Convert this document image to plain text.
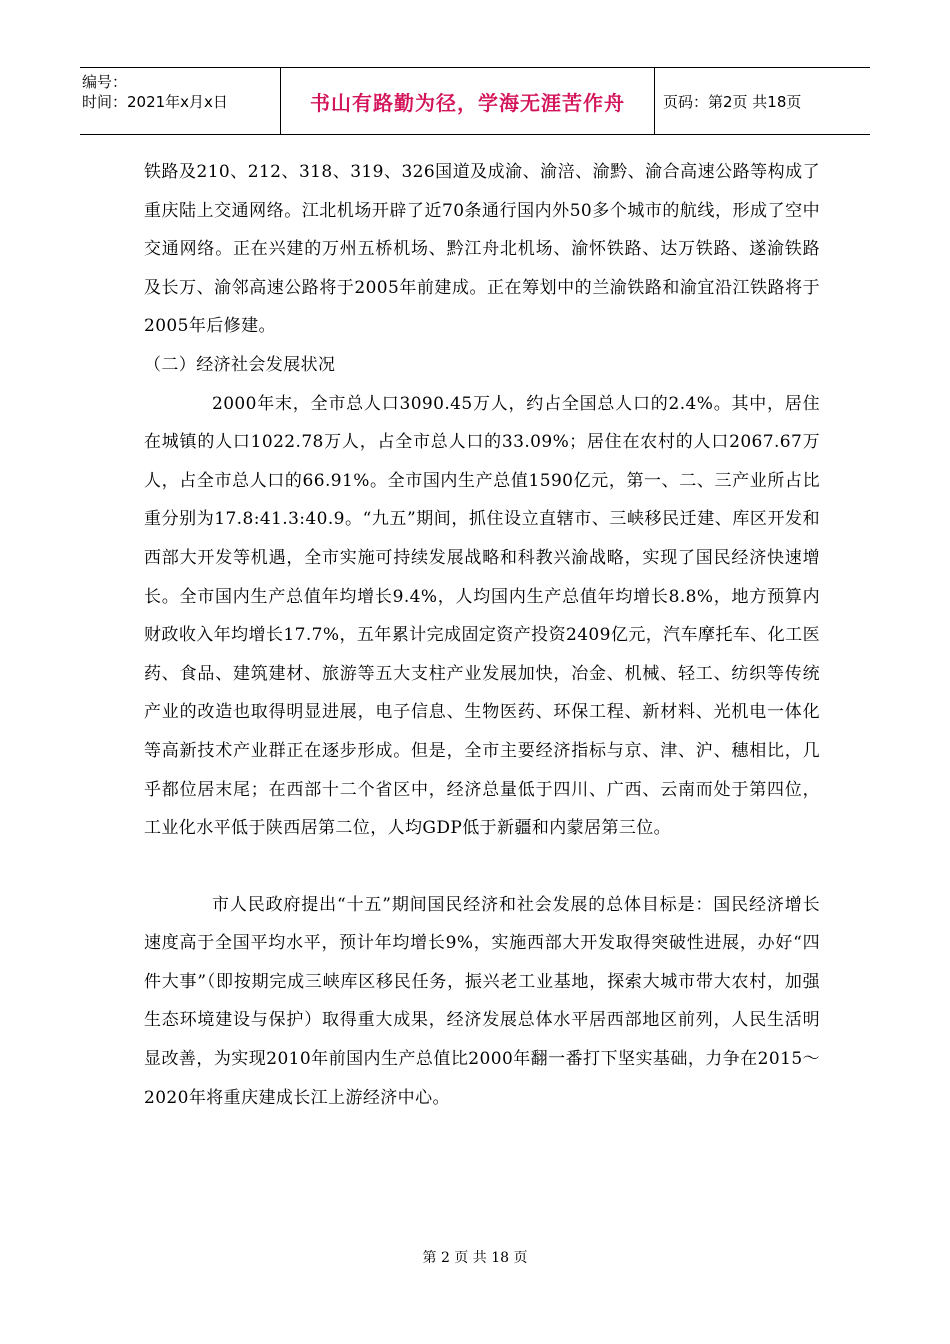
编号：
时间：2021年x月x日	书山有路勤为径，学海无涯苦作舟	页码：第2页 共18页

铁路及210、212、318、319、326国道及成渝、渝涪、渝黔、渝合高速公路等构成了重庆陆上交通网络。江北机场开辟了近70条通行国内外50多个城市的航线，形成了空中交通网络。正在兴建的万州五桥机场、黔江舟北机场、渝怀铁路、达万铁路、遂渝铁路及长万、渝邻高速公路将于2005年前建成。正在筹划中的兰渝铁路和渝宜沿江铁路将于2005年后修建。

（二）经济社会发展状况

2000年末，全市总人口3090.45万人，约占全国总人口的2.4%。其中，居住在城镇的人口1022.78万人，占全市总人口的33.09%；居住在农村的人口2067.67万人，占全市总人口的66.91%。全市国内生产总值1590亿元，第一、二、三产业所占比重分别为17.8:41.3:40.9。“九五”期间，抓住设立直辖市、三峡移民迁建、库区开发和西部大开发等机遇，全市实施可持续发展战略和科教兴渝战略，实现了国民经济快速增长。全市国内生产总值年均增长9.4%，人均国内生产总值年均增长8.8%，地方预算内财政收入年均增长17.7%，五年累计完成固定资产投资2409亿元，汽车摩托车、化工医药、食品、建筑建材、旅游等五大支柱产业发展加快，冶金、机械、轻工、纺织等传统产业的改造也取得明显进展，电子信息、生物医药、环保工程、新材料、光机电一体化等高新技术产业群正在逐步形成。但是，全市主要经济指标与京、津、沪、穗相比，几乎都位居末尾；在西部十二个省区中，经济总量低于四川、广西、云南而处于第四位，工业化水平低于陕西居第二位，人均GDP低于新疆和内蒙居第三位。

市人民政府提出“十五”期间国民经济和社会发展的总体目标是：国民经济增长速度高于全国平均水平，预计年均增长9%，实施西部大开发取得突破性进展，办好“四件大事”（即按期完成三峡库区移民任务，振兴老工业基地，探索大城市带大农村，加强生态环境建设与保护）取得重大成果，经济发展总体水平居西部地区前列，人民生活明显改善，为实现2010年前国内生产总值比2000年翻一番打下坚实基础，力争在2015～2020年将重庆建成长江上游经济中心。

第 2 页 共 18 页
